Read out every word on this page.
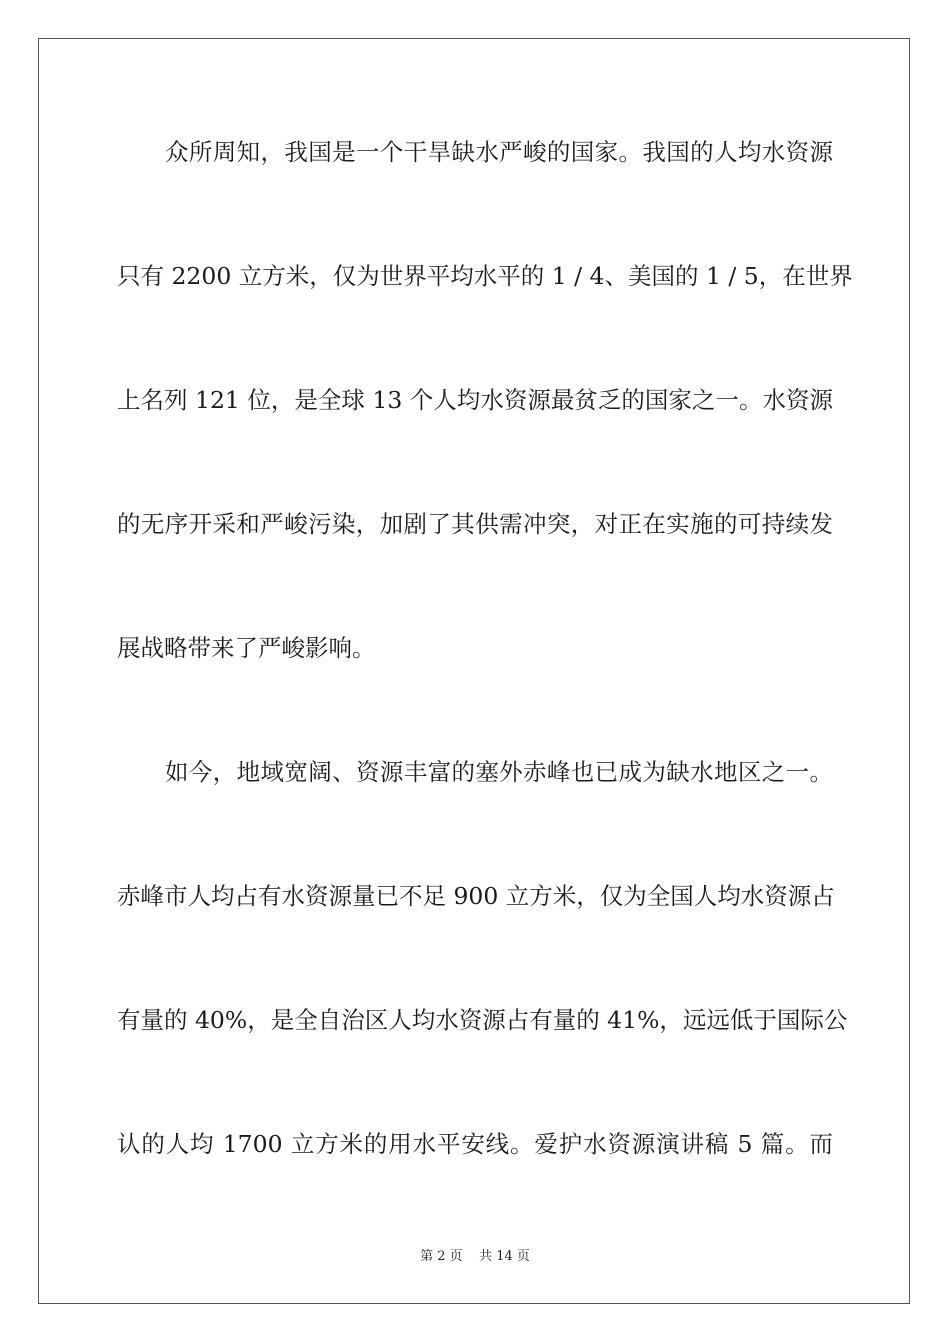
众所周知，我国是一个干旱缺水严峻的国家。我国的人均水资源
只有 2200 立方米，仅为世界平均水平的 1 / 4、美国的 1 / 5，在世界
上名列 121 位，是全球 13 个人均水资源最贫乏的国家之一。水资源
的无序开采和严峻污染，加剧了其供需冲突，对正在实施的可持续发
展战略带来了严峻影响。
如今，地域宽阔、资源丰富的塞外赤峰也已成为缺水地区之一。
赤峰市人均占有水资源量已不足 900 立方米，仅为全国人均水资源占
有量的 40%，是全自治区人均水资源占有量的 41%，远远低于国际公
认的人均 1700 立方米的用水平安线。爱护水资源演讲稿 5 篇。而
第 2 页    共 14 页
